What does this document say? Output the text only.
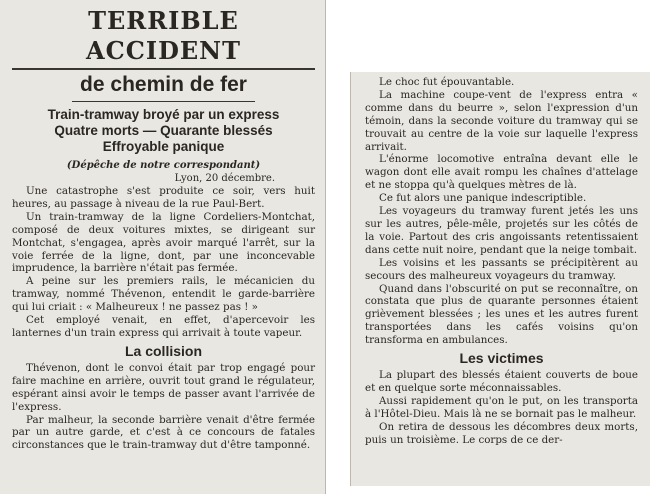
TERRIBLE ACCIDENT
de chemin de fer
Train-tramway broyé par un express
Quatre morts — Quarante blessés
Effroyable panique
(Dépêche de notre correspondant)
Lyon, 20 décembre.

Une catastrophe s'est produite ce soir, vers huit heures, au passage à niveau de la rue Paul-Bert.

Un train-tramway de la ligne Cordeliers-Montchat, composé de deux voitures mixtes, se dirigeant sur Montchat, s'engagea, après avoir marqué l'arrêt, sur la voie ferrée de la ligne, dont, par une inconcevable imprudence, la barrière n'était pas fermée.

A peine sur les premiers rails, le mécanicien du tramway, nommé Thévenon, entendit le garde-barrière qui lui criait : « Malheureux ! ne passez pas ! »

Cet employé venait, en effet, d'apercevoir les lanternes d'un train express qui arrivait à toute vapeur.

La collision

Thévenon, dont le convoi était par trop engagé pour faire machine en arrière, ouvrit tout grand le régulateur, espérant ainsi avoir le temps de passer avant l'arrivée de l'express.

Par malheur, la seconde barrière venait d'être fermée par un autre garde, et c'est à ce concours de fatales circonstances que le train-tramway dut d'être tamponné.

Le choc fut épouvantable.

La machine coupe-vent de l'express entra « comme dans du beurre », selon l'expression d'un témoin, dans la seconde voiture du tramway qui se trouvait au centre de la voie sur laquelle l'express arrivait.

L'énorme locomotive entraîna devant elle le wagon dont elle avait rompu les chaînes d'attelage et ne stoppa qu'à quelques mètres de là.

Ce fut alors une panique indescriptible.

Les voyageurs du tramway furent jetés les uns sur les autres, pêle-mêle, projetés sur les côtés de la voie. Partout des cris angoissants retentissaient dans cette nuit noire, pendant que la neige tombait.

Les voisins et les passants se précipitèrent au secours des malheureux voyageurs du tramway.

Quand dans l'obscurité on put se reconnaître, on constata que plus de quarante personnes étaient grièvement blessées ; les unes et les autres furent transportées dans les cafés voisins qu'on transforma en ambulances.

Les victimes

La plupart des blessés étaient couverts de boue et en quelque sorte méconnaissables.

Aussi rapidement qu'on le put, on les transporta à l'Hôtel-Dieu. Mais là ne se bornait pas le malheur.

On retira de dessous les décombres deux morts, puis un troisième. Le corps de ce der-
